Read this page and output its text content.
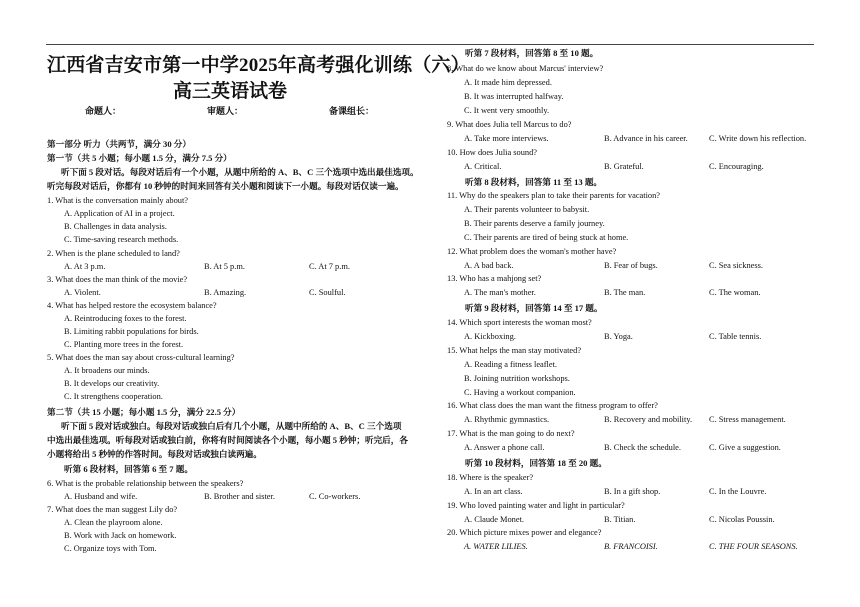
江西省吉安市第一中学2025年高考强化训练（六）
高三英语试卷
命题人：	审题人：	备课组长：
第一部分 听力（共两节，满分 30 分）
第一节（共 5 小题；每小题 1.5 分，满分 7.5 分）
听下面 5 段对话。每段对话后有一个小题，从题中所给的 A、B、C 三个选项中选出最佳选项。
听完每段对话后，你都有 10 秒钟的时间来回答有关小题和阅读下一小题。每段对话仅读一遍。
1. What is the conversation mainly about?
A. Application of AI in a project.
B. Challenges in data analysis.
C. Time-saving research methods.
2. When is the plane scheduled to land?
A. At 3 p.m.	B. At 5 p.m.	C. At 7 p.m.
3. What does the man think of the movie?
A. Violent.	B. Amazing.	C. Soulful.
4. What has helped restore the ecosystem balance?
A. Reintroducing foxes to the forest.
B. Limiting rabbit populations for birds.
C. Planting more trees in the forest.
5. What does the man say about cross-cultural learning?
A. It broadens our minds.
B. It develops our creativity.
C. It strengthens cooperation.
第二节（共 15 小题；每小题 1.5 分，满分 22.5 分）
听下面 5 段对话或独白。每段对话或独白后有几个小题，从题中所给的 A、B、C 三个选项
中选出最佳选项。听每段对话或独白前，你将有时间阅读各个小题，每小题 5 秒钟；听完后，各
小题将给出 5 秒钟的作答时间。每段对话或独白读两遍。
听第 6 段材料，回答第 6 至 7 题。
6. What is the probable relationship between the speakers?
A. Husband and wife.	B. Brother and sister.	C. Co-workers.
7. What does the man suggest Lily do?
A. Clean the playroom alone.
B. Work with Jack on homework.
C. Organize toys with Tom.
听第 7 段材料，回答第 8 至 10 题。
8. What do we know about Marcus' interview?
A. It made him depressed.
B. It was interrupted halfway.
C. It went very smoothly.
9. What does Julia tell Marcus to do?
A. Take more interviews.	B. Advance in his career.	C. Write down his reflection.
10. How does Julia sound?
A. Critical.	B. Grateful.	C. Encouraging.
听第 8 段材料，回答第 11 至 13 题。
11. Why do the speakers plan to take their parents for vacation?
A. Their parents volunteer to babysit.
B. Their parents deserve a family journey.
C. Their parents are tired of being stuck at home.
12. What problem does the woman's mother have?
A. A bad back.	B. Fear of bugs.	C. Sea sickness.
13. Who has a mahjong set?
A. The man's mother.	B. The man.	C. The woman.
听第 9 段材料，回答第 14 至 17 题。
14. Which sport interests the woman most?
A. Kickboxing.	B. Yoga.	C. Table tennis.
15. What helps the man stay motivated?
A. Reading a fitness leaflet.
B. Joining nutrition workshops.
C. Having a workout companion.
16. What class does the man want the fitness program to offer?
A. Rhythmic gymnastics.	B. Recovery and mobility. C. Stress management.
17. What is the man going to do next?
A. Answer a phone call.	B. Check the schedule.	C. Give a suggestion.
听第 10 段材料，回答第 18 至 20 题。
18. Where is the speaker?
A. In an art class.	B. In a gift shop.	C. In the Louvre.
19. Who loved painting water and light in particular?
A. Claude Monet.	B. Titian.	C. Nicolas Poussin.
20. Which picture mixes power and elegance?
A. WATER LILIES.	B. FRANCOISI.	C. THE FOUR SEASONS.
